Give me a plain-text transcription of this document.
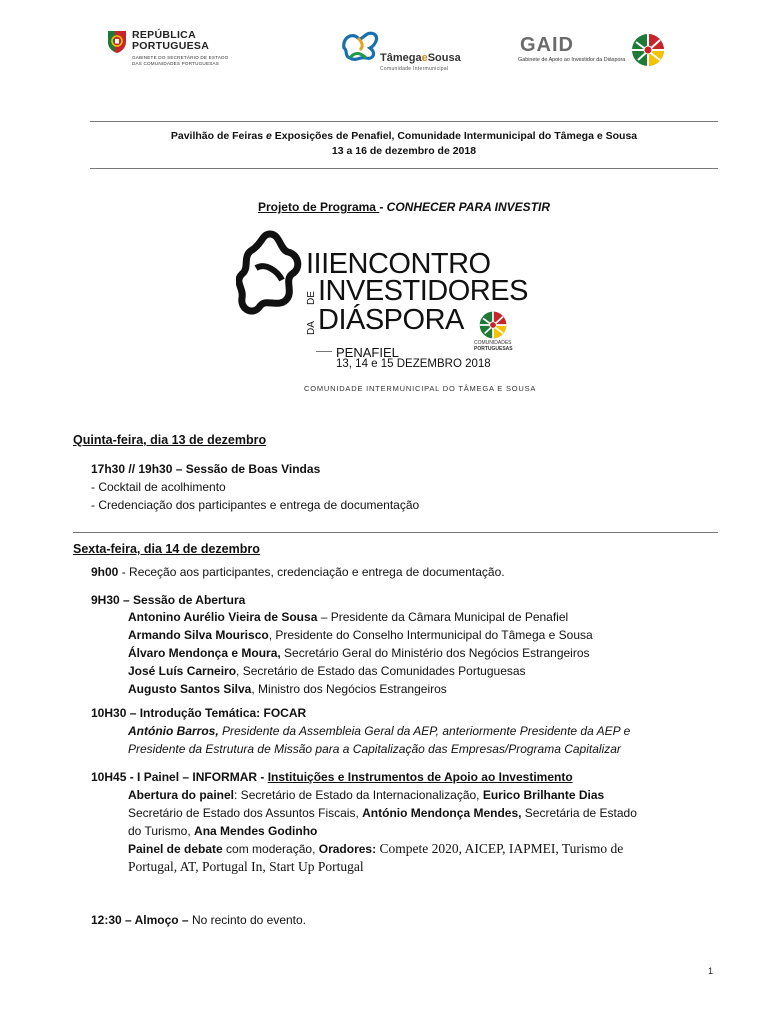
REPÚBLICA
PORTUGUESA
GABINETE DO SECRETÁRIO DE ESTADO
DAS COMUNIDADES PORTUGUESAS	TâmegaeSousa
Comunidade Intermunicipal
GAID
Gabinete de Apoio ao Investidor da Diáspora
Pavilhão de Feiras e Exposições de Penafiel, Comunidade Intermunicipal do Tâmega e Sousa
13 a 16 de dezembro de 2018
Projeto de Programa - CONHECER PARA INVESTIR
IIIENCONTRO
DE INVESTIDORES
DA DIÁSPORA
COMUNIDADES
PORTUGUESAS
PENAFIEL
13, 14 e 15 DEZEMBRO 2018
COMUNIDADE INTERMUNICIPAL DO TÂMEGA E SOUSA
Quinta-feira, dia 13 de dezembro
17h30 // 19h30 – Sessão de Boas Vindas
- Cocktail de acolhimento
- Credenciação dos participantes e entrega de documentação
Sexta-feira, dia 14 de dezembro
9h00 - Receção aos participantes, credenciação e entrega de documentação.
9H30 – Sessão de Abertura
Antonino Aurélio Vieira de Sousa – Presidente da Câmara Municipal de Penafiel
Armando Silva Mourisco, Presidente do Conselho Intermunicipal do Tâmega e Sousa
Álvaro Mendonça e Moura, Secretário Geral do Ministério dos Negócios Estrangeiros
José Luís Carneiro, Secretário de Estado das Comunidades Portuguesas
Augusto Santos Silva, Ministro dos Negócios Estrangeiros
10H30 – Introdução Temática: FOCAR
António Barros, Presidente da Assembleia Geral da AEP, anteriormente Presidente da AEP e
Presidente da Estrutura de Missão para a Capitalização das Empresas/Programa Capitalizar
10H45 - I Painel – INFORMAR - Instituições e Instrumentos de Apoio ao Investimento
Abertura do painel: Secretário de Estado da Internacionalização, Eurico Brilhante Dias
Secretário de Estado dos Assuntos Fiscais, António Mendonça Mendes, Secretária de Estado
do Turismo, Ana Mendes Godinho
Painel de debate com moderação, Oradores: Compete 2020, AICEP, IAPMEI, Turismo de
Portugal, AT, Portugal In, Start Up Portugal
12:30 – Almoço – No recinto do evento.
1
